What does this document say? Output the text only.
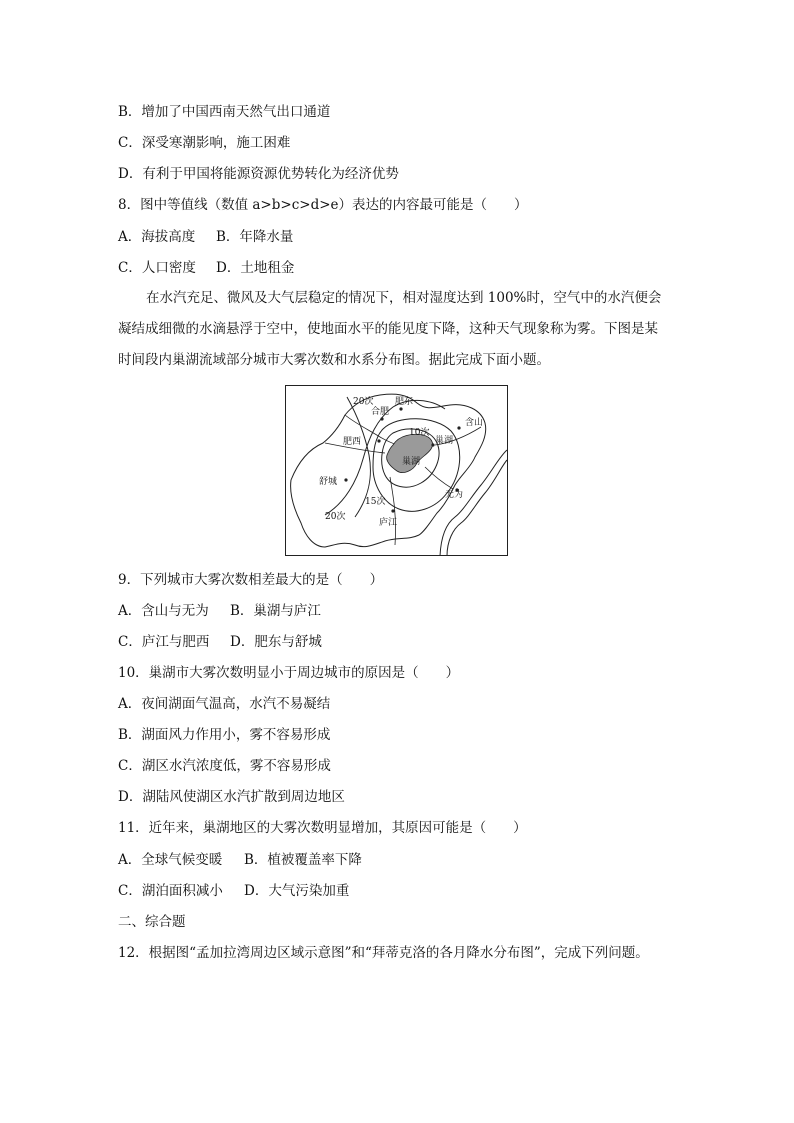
B．增加了中国西南天然气出口通道
C．深受寒潮影响，施工困难
D．有利于甲国将能源资源优势转化为经济优势
8．图中等值线（数值 a>b>c>d>e）表达的内容最可能是（　　）
A．海拔高度 B．年降水量
C．人口密度 D．土地租金
在水汽充足、微风及大气层稳定的情况下，相对湿度达到 100%时，空气中的水汽便会
凝结成细微的水滴悬浮于空中，使地面水平的能见度下降，这种天气现象称为雾。下图是某
时间段内巢湖流域部分城市大雾次数和水系分布图。据此完成下面小题。
20次
合肥
肥东
含山
肥西
10次
巢湖
巢湖
舒城
无为
15次
20次
庐江
9．下列城市大雾次数相差最大的是（　　）
A．含山与无为 B．巢湖与庐江
C．庐江与肥西 D．肥东与舒城
10．巢湖市大雾次数明显小于周边城市的原因是（　　）
A．夜间湖面气温高，水汽不易凝结
B．湖面风力作用小，雾不容易形成
C．湖区水汽浓度低，雾不容易形成
D．湖陆风使湖区水汽扩散到周边地区
11．近年来，巢湖地区的大雾次数明显增加，其原因可能是（　　）
A．全球气候变暖 B．植被覆盖率下降
C．湖泊面积减小 D．大气污染加重
二、综合题
12．根据图“孟加拉湾周边区域示意图”和“拜蒂克洛的各月降水分布图”，完成下列问题。
